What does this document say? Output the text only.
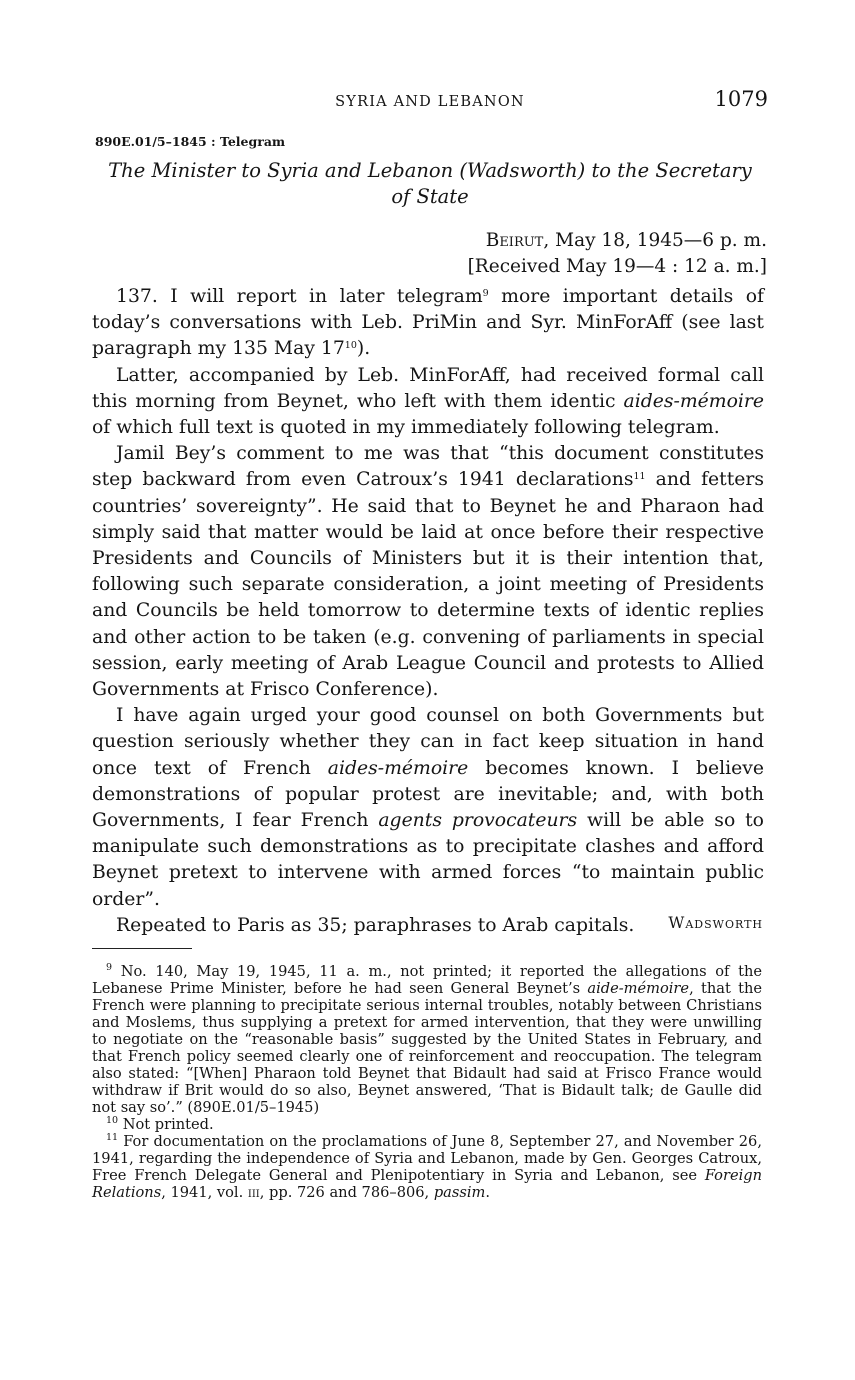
SYRIA AND LEBANON	1079
890E.01/5–1845 : Telegram
The Minister to Syria and Lebanon (Wadsworth) to the Secretary
of State
Beirut, May 18, 1945—6 p. m.
[Received May 19—4 : 12 a. m.]

137. I will report in later telegram$^9$ more important details of today’s conversations with Leb. PriMin and Syr. MinForAff (see last paragraph my 135 May $17^{10}$).

Latter, accompanied by Leb. MinForAff, had received formal call this morning from Beynet, who left with them identic aides-mémoire of which full text is quoted in my immediately following telegram.

Jamil Bey’s comment to me was that “this document constitutes step backward from even Catroux’s 1941 declarations$^{11}$ and fetters countries’ sovereignty”. He said that to Beynet he and Pharaon had simply said that matter would be laid at once before their respective Presidents and Councils of Ministers but it is their intention that, following such separate consideration, a joint meeting of Presidents and Councils be held tomorrow to determine texts of identic replies and other action to be taken (e.g. convening of parliaments in special session, early meeting of Arab League Council and protests to Allied Governments at Frisco Conference).

I have again urged your good counsel on both Governments but question seriously whether they can in fact keep situation in hand once text of French aides-mémoire becomes known. I believe demonstrations of popular protest are inevitable; and, with both Governments, I fear French agents provocateurs will be able so to manipulate such demonstrations as to precipitate clashes and afford Beynet pretext to intervene with armed forces “to maintain public order”.

Repeated to Paris as 35; paraphrases to Arab capitals.	Wadsworth

$^9$ No. 140, May 19, 1945, 11 a. m., not printed; it reported the allegations of the Lebanese Prime Minister, before he had seen General Beynet’s aide-mémoire, that the French were planning to precipitate serious internal troubles, notably between Christians and Moslems, thus supplying a pretext for armed intervention, that they were unwilling to negotiate on the “reasonable basis” suggested by the United States in February, and that French policy seemed clearly one of reinforcement and reoccupation. The telegram also stated: “[When] Pharaon told Beynet that Bidault had said at Frisco France would withdraw if Brit would do so also, Beynet answered, ‘That is Bidault talk; de Gaulle did not say so’.” (890E.01/5–1945)

$^{10}$ Not printed.

$^{11}$ For documentation on the proclamations of June 8, September 27, and November 26, 1941, regarding the independence of Syria and Lebanon, made by Gen. Georges Catroux, Free French Delegate General and Plenipotentiary in Syria and Lebanon, see Foreign Relations, 1941, vol. iii, pp. 726 and 786–806, passim.
